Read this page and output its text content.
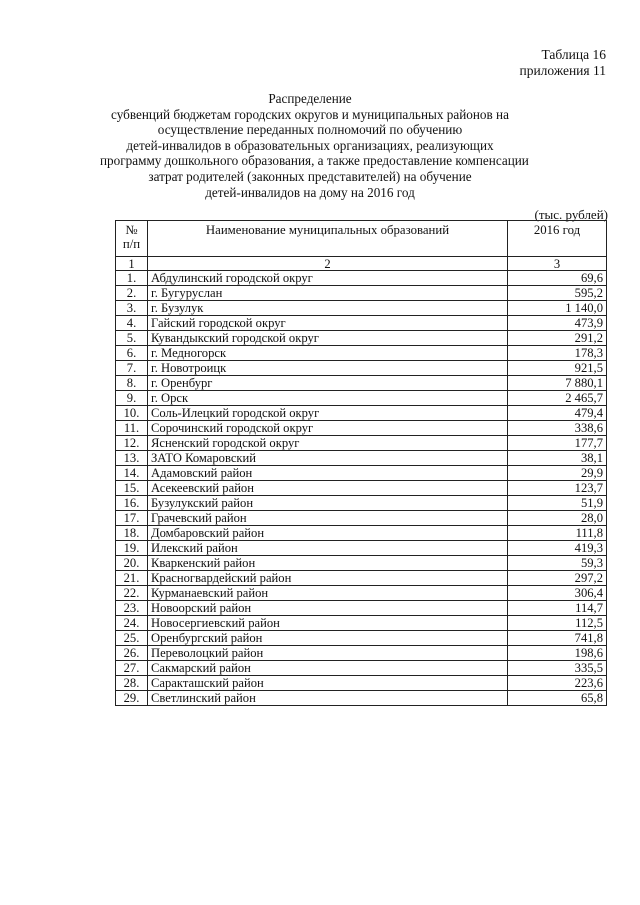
Таблица 16
приложения 11
Распределение
субвенций бюджетам городских округов и муниципальных районов на
осуществление переданных полномочий по обучению
детей-инвалидов в образовательных организациях, реализующих
программу дошкольного образования, а также предоставление компенсации
затрат родителей (законных представителей) на обучение
детей-инвалидов на дому на 2016 год
(тыс. рублей)
№
п/п	Наименование муниципальных образований	2016 год
1	2	3
1.	Абдулинский городской округ	69,6
2.	г. Бугуруслан	595,2
3.	г. Бузулук	1 140,0
4.	Гайский городской округ	473,9
5.	Кувандыкский городской округ	291,2
6.	г. Медногорск	178,3
7.	г. Новотроицк	921,5
8.	г. Оренбург	7 880,1
9.	г. Орск	2 465,7
10.	Соль-Илецкий городской округ	479,4
11.	Сорочинский городской округ	338,6
12.	Ясненский городской округ	177,7
13.	ЗАТО Комаровский	38,1
14.	Адамовский район	29,9
15.	Асекеевский район	123,7
16.	Бузулукский район	51,9
17.	Грачевский район	28,0
18.	Домбаровский район	111,8
19.	Илекский район	419,3
20.	Кваркенский район	59,3
21.	Красногвардейский район	297,2
22.	Курманаевский район	306,4
23.	Новоорский район	114,7
24.	Новосергиевский район	112,5
25.	Оренбургский район	741,8
26.	Переволоцкий район	198,6
27.	Сакмарский район	335,5
28.	Саракташский район	223,6
29.	Светлинский район	65,8
